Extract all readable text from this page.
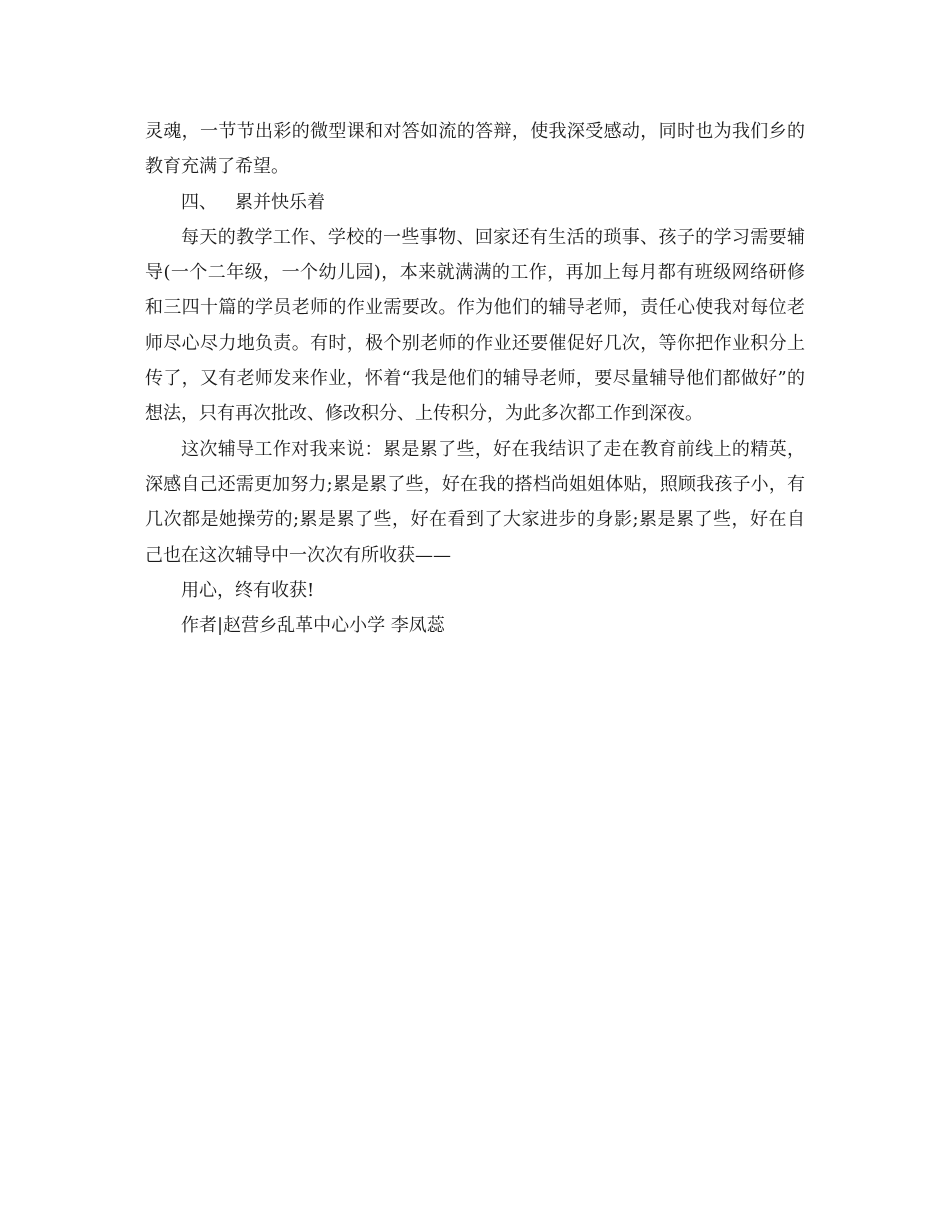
灵魂，一节节出彩的微型课和对答如流的答辩，使我深受感动，同时也为我们乡的教育充满了希望。

四、 累并快乐着

每天的教学工作、学校的一些事物、回家还有生活的琐事、孩子的学习需要辅导(一个二年级，一个幼儿园)，本来就满满的工作，再加上每月都有班级网络研修和三四十篇的学员老师的作业需要改。作为他们的辅导老师，责任心使我对每位老师尽心尽力地负责。有时，极个别老师的作业还要催促好几次，等你把作业积分上传了，又有老师发来作业，怀着“我是他们的辅导老师，要尽量辅导他们都做好”的想法，只有再次批改、修改积分、上传积分，为此多次都工作到深夜。

这次辅导工作对我来说：累是累了些，好在我结识了走在教育前线上的精英，深感自己还需更加努力;累是累了些，好在我的搭档尚姐姐体贴，照顾我孩子小，有几次都是她操劳的;累是累了些，好在看到了大家进步的身影;累是累了些，好在自己也在这次辅导中一次次有所收获——

用心，终有收获!

作者|赵营乡乱革中心小学 李凤蕊
